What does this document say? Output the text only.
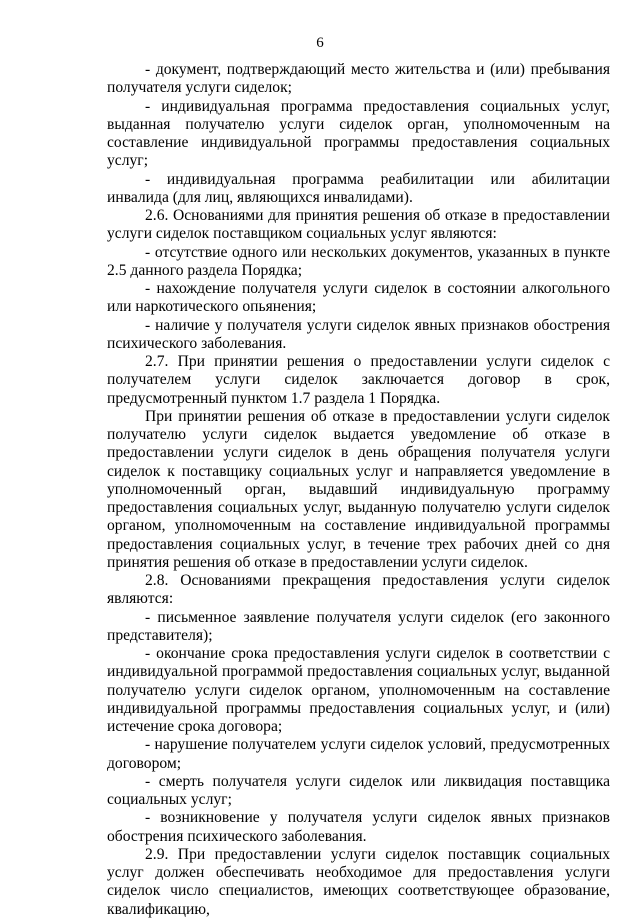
6

- документ, подтверждающий место жительства и (или) пребывания получателя услуги сиделок;

- индивидуальная программа предоставления социальных услуг, выданная получателю услуги сиделок орган, уполномоченным на составление индивидуальной программы предоставления социальных услуг;

- индивидуальная программа реабилитации или абилитации инвалида (для лиц, являющихся инвалидами).

2.6. Основаниями для принятия решения об отказе в предоставлении услуги сиделок поставщиком социальных услуг являются:

- отсутствие одного или нескольких документов, указанных в пункте 2.5 данного раздела Порядка;

- нахождение получателя услуги сиделок в состоянии алкогольного или наркотического опьянения;

- наличие у получателя услуги сиделок явных признаков обострения психического заболевания.

2.7. При принятии решения о предоставлении услуги сиделок с получателем услуги сиделок заключается договор в срок, предусмотренный пунктом 1.7 раздела 1 Порядка.

При принятии решения об отказе в предоставлении услуги сиделок получателю услуги сиделок выдается уведомление об отказе в предоставлении услуги сиделок в день обращения получателя услуги сиделок к поставщику социальных услуг и направляется уведомление в уполномоченный орган, выдавший индивидуальную программу предоставления социальных услуг, выданную получателю услуги сиделок органом, уполномоченным на составление индивидуальной программы предоставления социальных услуг, в течение трех рабочих дней со дня принятия решения об отказе в предоставлении услуги сиделок.

2.8. Основаниями прекращения предоставления услуги сиделок являются:

- письменное заявление получателя услуги сиделок (его законного представителя);

- окончание срока предоставления услуги сиделок в соответствии с индивидуальной программой предоставления социальных услуг, выданной получателю услуги сиделок органом, уполномоченным на составление индивидуальной программы предоставления социальных услуг, и (или) истечение срока договора;

- нарушение получателем услуги сиделок условий, предусмотренных договором;

- смерть получателя услуги сиделок или ликвидация поставщика социальных услуг;

- возникновение у получателя услуги сиделок явных признаков обострения психического заболевания.

2.9. При предоставлении услуги сиделок поставщик социальных услуг должен обеспечивать необходимое для предоставления услуги сиделок число специалистов, имеющих соответствующее образование, квалификацию,
